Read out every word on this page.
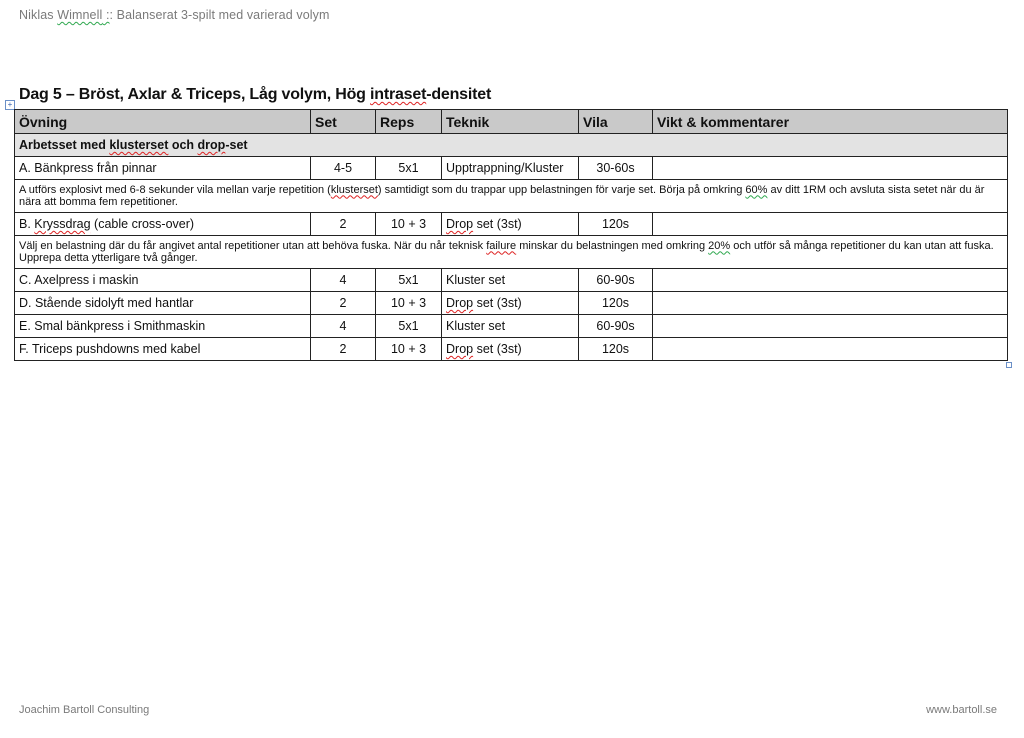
Niklas Wimnell :: Balanserat 3-spilt med varierad volym
Dag 5 – Bröst, Axlar & Triceps, Låg volym, Hög intraset-densitet
+
Övning	Set	Reps	Teknik	Vila	Vikt & kommentarer
Arbetsset med klusterset och drop-set					
A. Bänkpress från pinnar	4-5	5x1	Upptrappning/Kluster	30-60s	
A utförs explosivt med 6-8 sekunder vila mellan varje repetition (klusterset) samtidigt som du trappar upp belastningen för varje set. Börja på omkring 60% av ditt 1RM och avsluta sista setet när du är nära att bomma fem repetitioner.					
B. Kryssdrag (cable cross-over)	2	10 + 3	Drop set (3st)	120s	
Välj en belastning där du får angivet antal repetitioner utan att behöva fuska. När du når teknisk failure minskar du belastningen med omkring 20% och utför så många repetitioner du kan utan att fuska. Upprepa detta ytterligare två gånger.					
C. Axelpress i maskin	4	5x1	Kluster set	60-90s	
D. Stående sidolyft med hantlar	2	10 + 3	Drop set (3st)	120s	
E. Smal bänkpress i Smithmaskin	4	5x1	Kluster set	60-90s	
F. Triceps pushdowns med kabel	2	10 + 3	Drop set (3st)	120s	
Joachim Bartoll Consulting	www.bartoll.se
